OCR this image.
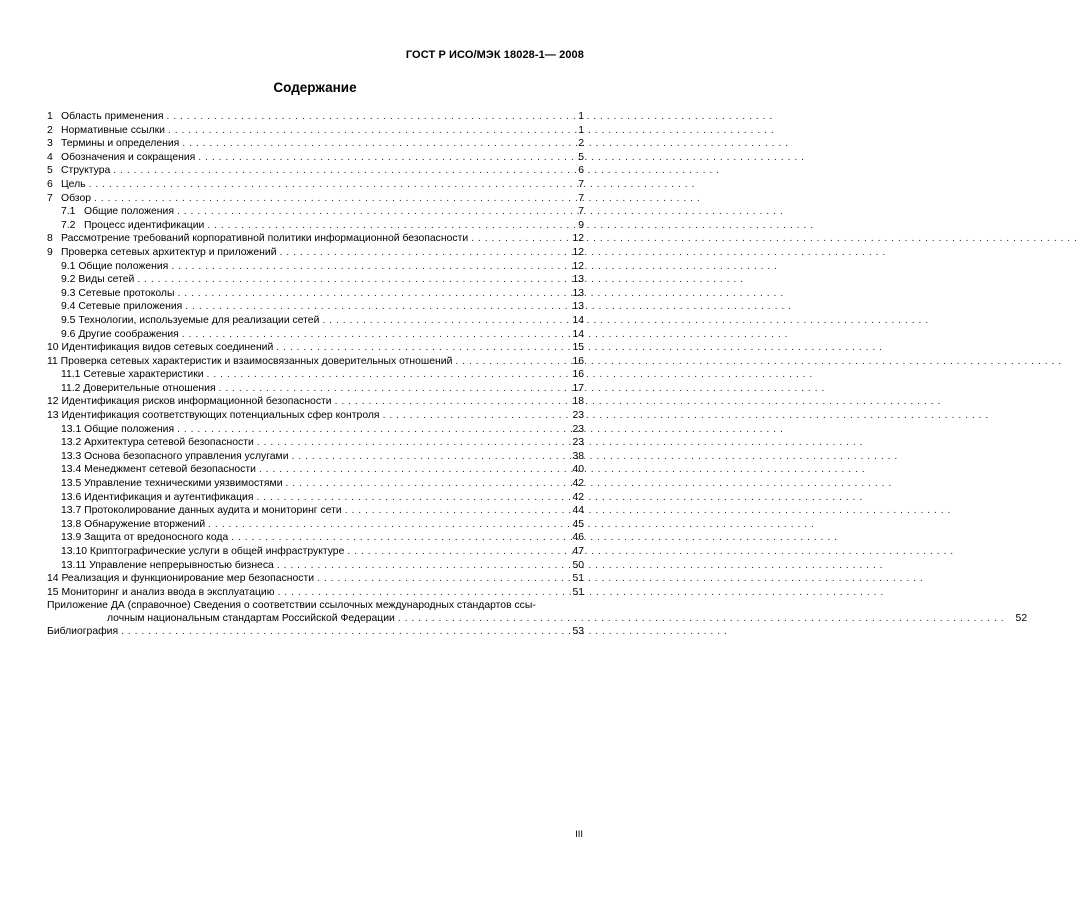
ГОСТ Р ИСО/МЭК 18028-1— 2008
Содержание
1 Область применения . . .	1
2 Нормативные ссылки . . .	1
3 Термины и определения . . .	2
4 Обозначения и сокращения . . .	5
5 Структура . . .	6
6 Цель . . .	7
7 Обзор . . .	7
7.1 Общие положения . . .	7
7.2 Процесс идентификации . . .	9
8 Рассмотрение требований корпоративной политики информационной безопасности . . .	12
9 Проверка сетевых архитектур и приложений . . .	12
9.1 Общие положения . . .	12
9.2 Виды сетей . . .	13
9.3 Сетевые протоколы . . .	13
9.4 Сетевые приложения . . .	13
9.5 Технологии, используемые для реализации сетей . . .	14
9.6 Другие соображения . . .	14
10 Идентификация видов сетевых соединений . . .	15
11 Проверка сетевых характеристик и взаимосвязанных доверительных отношений . . .	16
11.1 Сетевые характеристики . . .	16
11.2 Доверительные отношения . . .	17
12 Идентификация рисков информационной безопасности . . .	18
13 Идентификация соответствующих потенциальных сфер контроля . . .	23
13.1 Общие положения . . .	23
13.2 Архитектура сетевой безопасности . . .	23
13.3 Основа безопасного управления услугами . . .	38
13.4 Менеджмент сетевой безопасности . . .	40
13.5 Управление техническими уязвимостями . . .	42
13.6 Идентификация и аутентификация . . .	42
13.7 Протоколирование данных аудита и мониторинг сети . . .	44
13.8 Обнаружение вторжений . . .	45
13.9 Защита от вредоносного кода . . .	46
13.10 Криптографические услуги в общей инфраструктуре . . .	47
13.11 Управление непрерывностью бизнеса . . .	50
14 Реализация и функционирование мер безопасности . . .	51
15 Мониторинг и анализ ввода в эксплуатацию . . .	51
Приложение ДА (справочное) Сведения о соответствии ссылочных международных стандартов ссы-
лочным национальным стандартам Российской Федерации . . .	52
Библиография . . .	53
III
